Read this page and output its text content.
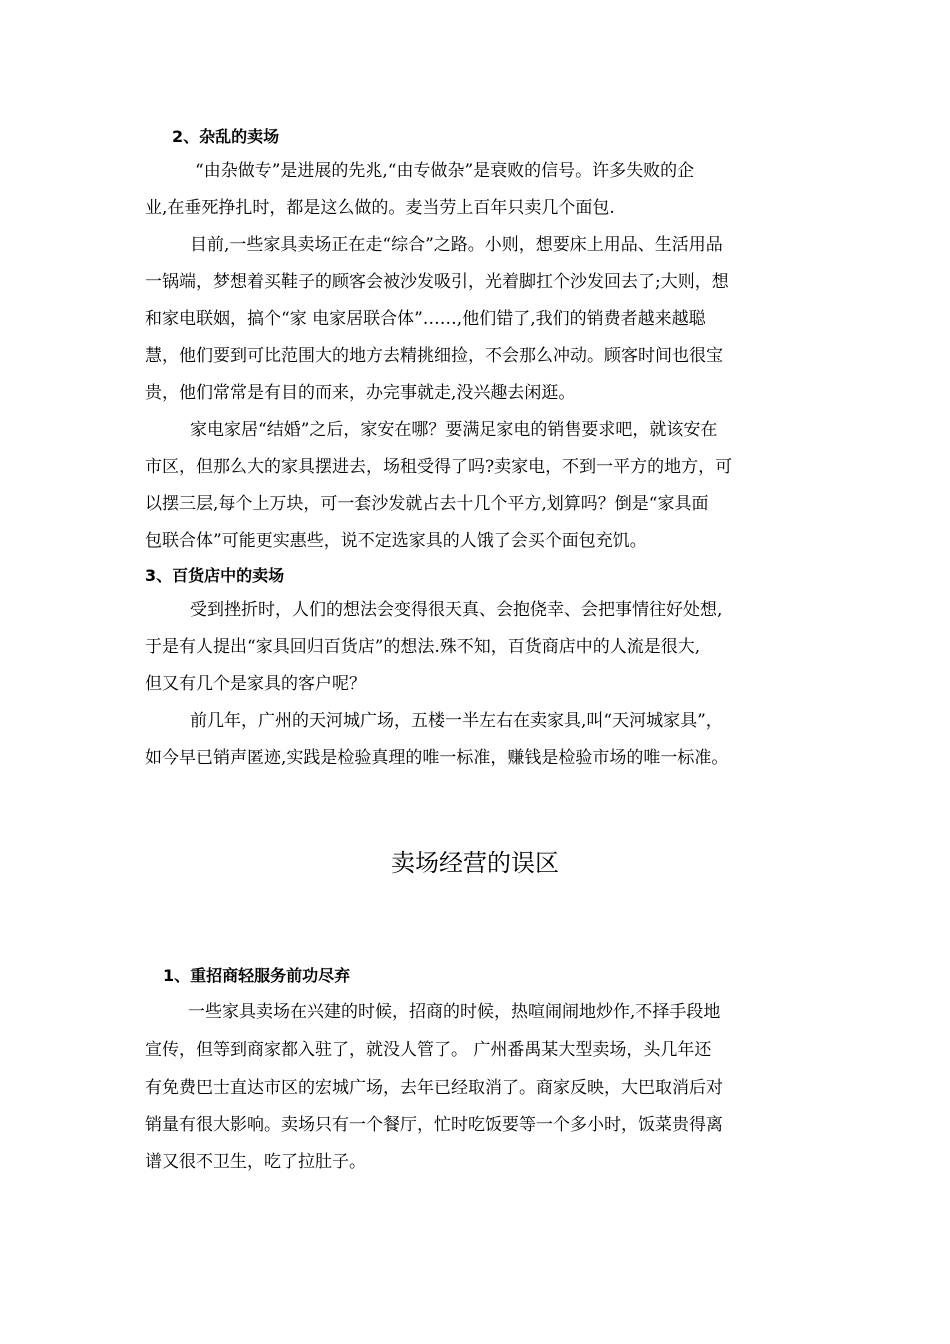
2、杂乱的卖场
“由杂做专”是进展的先兆,“由专做杂”是衰败的信号。许多失败的企
业,在垂死挣扎时，都是这么做的。麦当劳上百年只卖几个面包.
目前,一些家具卖场正在走“综合”之路。小则，想要床上用品、生活用品
一锅端，梦想着买鞋子的顾客会被沙发吸引，光着脚扛个沙发回去了;大则，想
和家电联姻，搞个“家 电家居联合体”……,他们错了,我们的销费者越来越聪
慧，他们要到可比范围大的地方去精挑细捡，不会那么冲动。顾客时间也很宝
贵，他们常常是有目的而来，办完事就走,没兴趣去闲逛。
家电家居“结婚”之后，家安在哪？要满足家电的销售要求吧，就该安在
市区，但那么大的家具摆进去，场租受得了吗?卖家电，不到一平方的地方，可
以摆三层,每个上万块，可一套沙发就占去十几个平方,划算吗？倒是“家具面
包联合体”可能更实惠些，说不定选家具的人饿了会买个面包充饥。
3、百货店中的卖场
受到挫折时，人们的想法会变得很天真、会抱侥幸、会把事情往好处想,
于是有人提出“家具回归百货店”的想法.殊不知，百货商店中的人流是很大,
但又有几个是家具的客户呢？
前几年，广州的天河城广场，五楼一半左右在卖家具,叫“天河城家具”，
如今早已销声匿迹,实践是检验真理的唯一标准，赚钱是检验市场的唯一标准。
卖场经营的误区
1、重招商轻服务前功尽弃
一些家具卖场在兴建的时候，招商的时候，热喧闹闹地炒作,不择手段地
宣传，但等到商家都入驻了，就没人管了。 广州番禺某大型卖场，头几年还
有免费巴士直达市区的宏城广场，去年已经取消了。商家反映，大巴取消后对
销量有很大影响。卖场只有一个餐厅，忙时吃饭要等一个多小时，饭菜贵得离
谱又很不卫生，吃了拉肚子。
